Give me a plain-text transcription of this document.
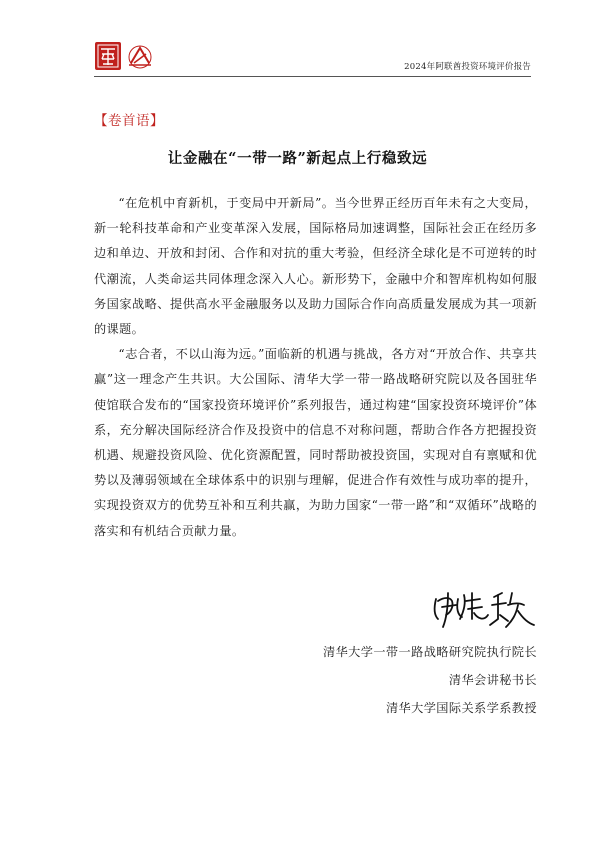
2024年阿联酋投资环境评价报告
【卷首语】
让金融在“一带一路”新起点上行稳致远

“在危机中育新机，于变局中开新局”。当今世界正经历百年未有之大变局，新一轮科技革命和产业变革深入发展，国际格局加速调整，国际社会正在经历多边和单边、开放和封闭、合作和对抗的重大考验，但经济全球化是不可逆转的时代潮流，人类命运共同体理念深入人心。新形势下，金融中介和智库机构如何服务国家战略、提供高水平金融服务以及助力国际合作向高质量发展成为其一项新的课题。

“志合者，不以山海为远。”面临新的机遇与挑战，各方对“开放合作、共享共赢”这一理念产生共识。大公国际、清华大学一带一路战略研究院以及各国驻华使馆联合发布的“国家投资环境评价”系列报告，通过构建“国家投资环境评价”体系，充分解决国际经济合作及投资中的信息不对称问题，帮助合作各方把握投资机遇、规避投资风险、优化资源配置，同时帮助被投资国，实现对自有禀赋和优势以及薄弱领域在全球体系中的识别与理解，促进合作有效性与成功率的提升，实现投资双方的优势互补和互利共赢，为助力国家“一带一路”和“双循环”战略的落实和有机结合贡献力量。

清华大学一带一路战略研究院执行院长
清华会讲秘书长
清华大学国际关系学系教授
